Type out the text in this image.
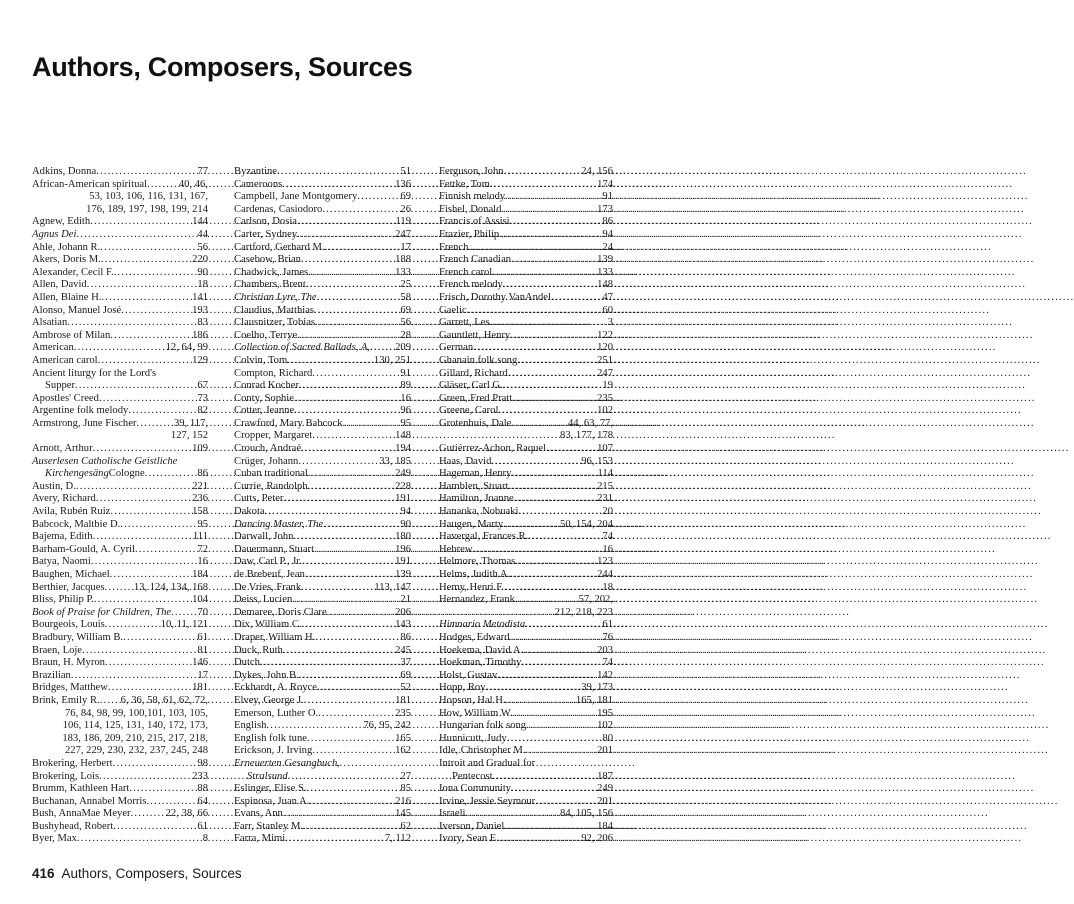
Authors, Composers, Sources
Adkins, Donna .....	77
African-American spiritual .....	40, 46,
53, 103, 106, 116, 131, 167,
176, 189, 197, 198, 199, 214
Agnew, Edith .....	144
Agnus Dei .....	44
Ahle, Johann R. .....	56
Akers, Doris M. .....	220
Alexander, Cecil F. .....	90
Allen, David .....	18
Allen, Blaine H. .....	141
Alonso, Manuel José .....	193
Alsatian .....	83
Ambrose of Milan .....	186
American .....	12, 64, 99
American carol .....	129
Ancient liturgy for the Lord's
Supper .....	67
Apostles' Creed .....	73
Argentine folk melody .....	82
Armstrong, June Fischer .....	39, 117,
127, 152
Arnott, Arthur .....	109
Auserlesen Catholische Geistliche
Kirchengesäng Cologne .....	86
Austin, D. .....	221
Avery, Richard .....	236
Avila, Rubén Ruiz .....	158
Babcock, Maltbie D. .....	95
Bajema, Edith .....	111
Barham-Gould, A. Cyril .....	72
Batya, Naomi .....	16
Baughen, Michael .....	184
Berthier, Jacques .....	13, 124, 134, 168
Bliss, Philip P. .....	104
Book of Praise for Children, The ..... 70
Bourgeois, Louis .....	10, 11, 121
Bradbury, William B. .....	61
Braen, Loje .....	81
Braun, H. Myron .....	146
Brazilian .....	17
Bridges, Matthew .....	181
Brink, Emily R. ..... 6, 36, 58, 61, 62, 72,
76, 84, 98, 99, 100,101, 103, 105,
106, 114, 125, 131, 140, 172, 173,
183, 186, 209, 210, 215, 217, 218,
227, 229, 230, 232, 237, 245, 248
Brokering, Herbert .....	98
Brokering, Lois .....	233
Brumm, Kathleen Hart .....	88
Buchanan, Annabel Morris .....	64
Bush, AnnaMae Meyer .....	22, 38, 66
Bushyhead, Robert .....	61
Byer, Max .....	8
Byzantine .....	51
Cameroons .....	136
Campbell, Jane Montgomery .....	69
Cardenas, Casiodoro .....	26
Carlson, Dosia .....	119
Carter, Sydney .....	247
Cartford, Gerhard M. .....	17
Casebow, Brian .....	188
Chadwick, James .....	133
Chambers, Brent .....	25
Christian Lyre, The .....	58
Claudius, Matthias .....	69
Clausnitzer, Tobias .....	56
Coelho, Terrye .....	28
Collection of Sacred Ballads, A, ..... 209
Colvin, Tom .....	130, 251
Compton, Richard .....	91
Conrad Kocher .....	89
Conty, Sophie .....	16
Cotter, Jeanne .....	96
Crawford, Mary Babcock .....	95
Cropper, Margaret .....	148
Crouch, Andraé .....	194
Crüger, Johann .....	33, 185
Cuban traditional .....	249
Currie, Randolph .....	228
Cutts, Peter .....	191
Dakota .....	94
Dancing Master, The .....	90
Darwall, John .....	180
Dauermann, Stuart .....	196
Daw, Carl P., Jr. .....	191
de Brebeuf, Jean .....	139
De Vries, Frank .....	113, 147
Deiss, Lucien .....	21
Demaree, Doris Clare .....	206
Dix, William C. .....	143
Draper, William H. .....	86
Duck, Ruth .....	245
Dutch .....	37
Dykes, John B. .....	69
Eckhardt, A. Royce .....	52
Elvey, George J. .....	181
Emerson, Luther O. .....	235
English .....	76, 95, 242
English folk tune .....	165
Erickson, J. Irving .....	162
Erneuerten Gesangbuch,
Stralsund .....	27
Eslinger, Elise S. .....	85
Espinosa, Juan A. .....	216
Evans, Ann .....	145
Farr, Stanley M. .....	62
Farra, Mimi .....	7, 112
Ferguson, John .....	24, 156
Fettke, Tom .....	174
Finnish melody .....	91
Fishel, Donald .....	173
Francis of Assisi .....	86
Frazier, Philip .....	94
French .....	24
French Canadian .....	139
French carol .....	133
French melody .....	148
Frisch, Dorothy VanAndel .....	47
Gaelic .....	60
Garrett, Les .....	3
Gauntlett, Henry .....	122
German .....	120
Ghanain folk song .....	251
Gillard, Richard .....	247
Gläser, Carl G. .....	19
Green, Fred Pratt .....	235
Greene, Carol .....	102
Grotenhuis, Dale .....	44, 63, 77,
83, 177, 178
Gutiérrez-Achon, Raquel .....	107
Haas, David .....	96, 153
Hageman, Henry .....	114
Hamblen, Stuart .....	215
Hamilton, Joanne .....	231
Hanaoka, Nobuaki .....	20
Haugen, Marty .....	50, 154, 204
Havergal, Frances R. .....	74
Hebrew .....	16
Helmore, Thomas .....	123
Helms, Judith A. .....	244
Hemy, Henri F. .....	18
Hernandez, Frank .....	57, 202,
212, 218, 223
Himnario Metodista .....	61
Hodges, Edward .....	76
Hoekema, David A. .....	203
Hoekman, Timothy .....	74
Holst, Gustav .....	142
Hopp, Roy .....	39, 173
Hopson, Hal H. .....	165, 181
How, William W. .....	195
Hungarian folk song .....	102
Hunnicutt, Judy .....	80
Idle, Christopher M. .....	201
Introit and Gradual for
Pentecost .....	187
Iona Community .....	249
Irvine, Jessie Seymour .....	201
Israeli .....	84, 105, 156
Iverson, Daniel .....	184
Ivory, Sean E. .....	92, 206
416 Authors, Composers, Sources
